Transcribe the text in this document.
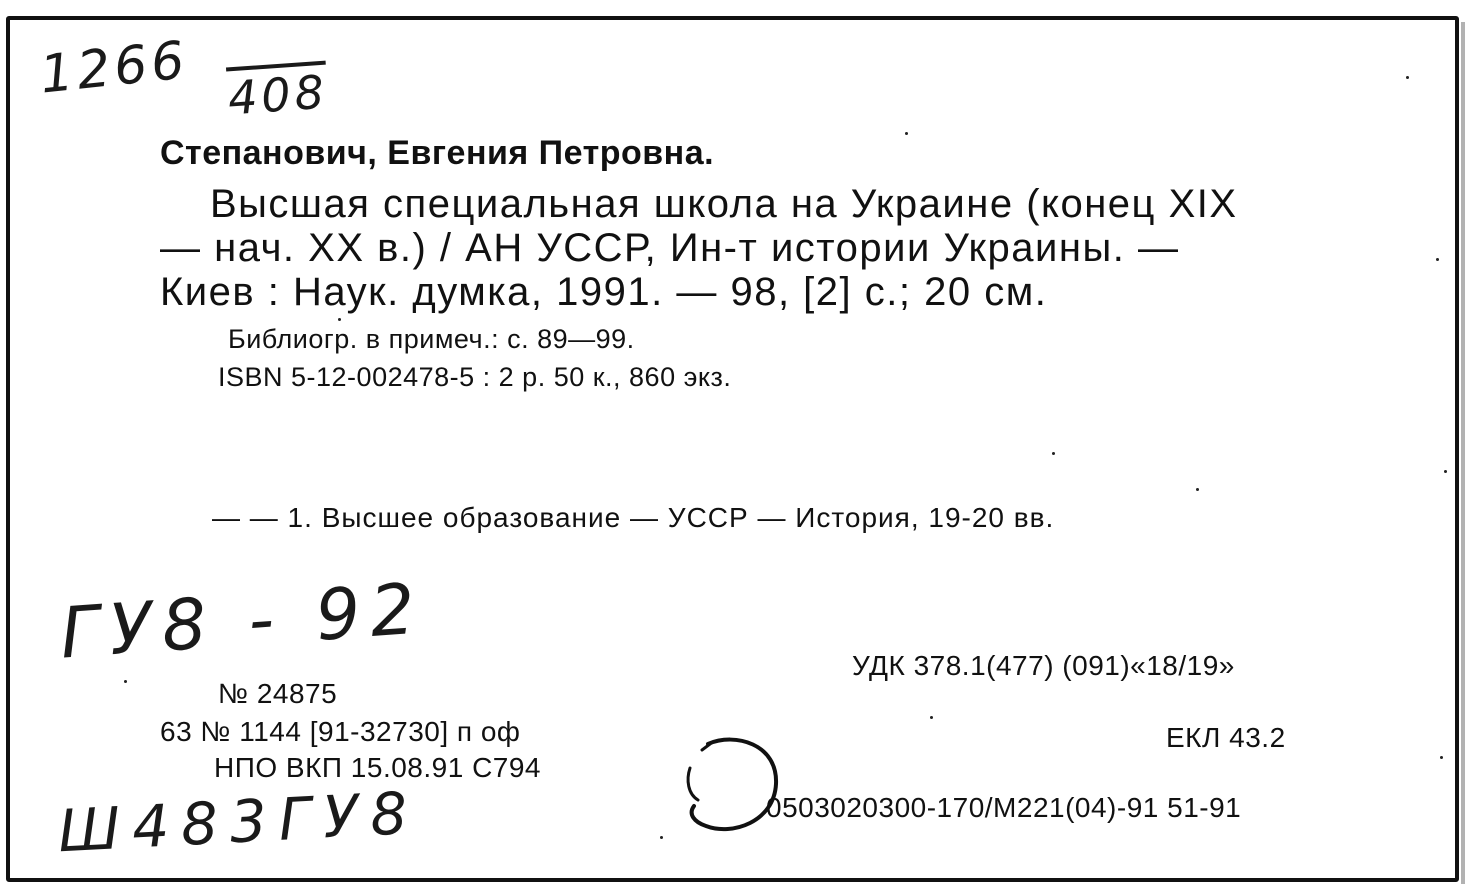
1266 408
ГУ8 - 92
Ш483ГУ8
Степанович, Евгения Петровна.
Высшая специальная школа на Украине (конец XIX
— нач. XX в.) / АН УССР, Ин-т истории Украины. —
Киев : Наук. думка, 1991. — 98, [2] с.; 20 см.
Библиогр. в примеч.: с. 89—99.
ISBN 5-12-002478-5 : 2 р. 50 к., 860 экз.
— — 1. Высшее образование — УССР — История, 19-20 вв.
УДК 378.1(477) (091)«18/19»
ЕКЛ 43.2
0503020300-170/М221(04)-91 51-91
№ 24875
63 № 1144 [91-32730] п оф
НПО ВКП 15.08.91 С794
